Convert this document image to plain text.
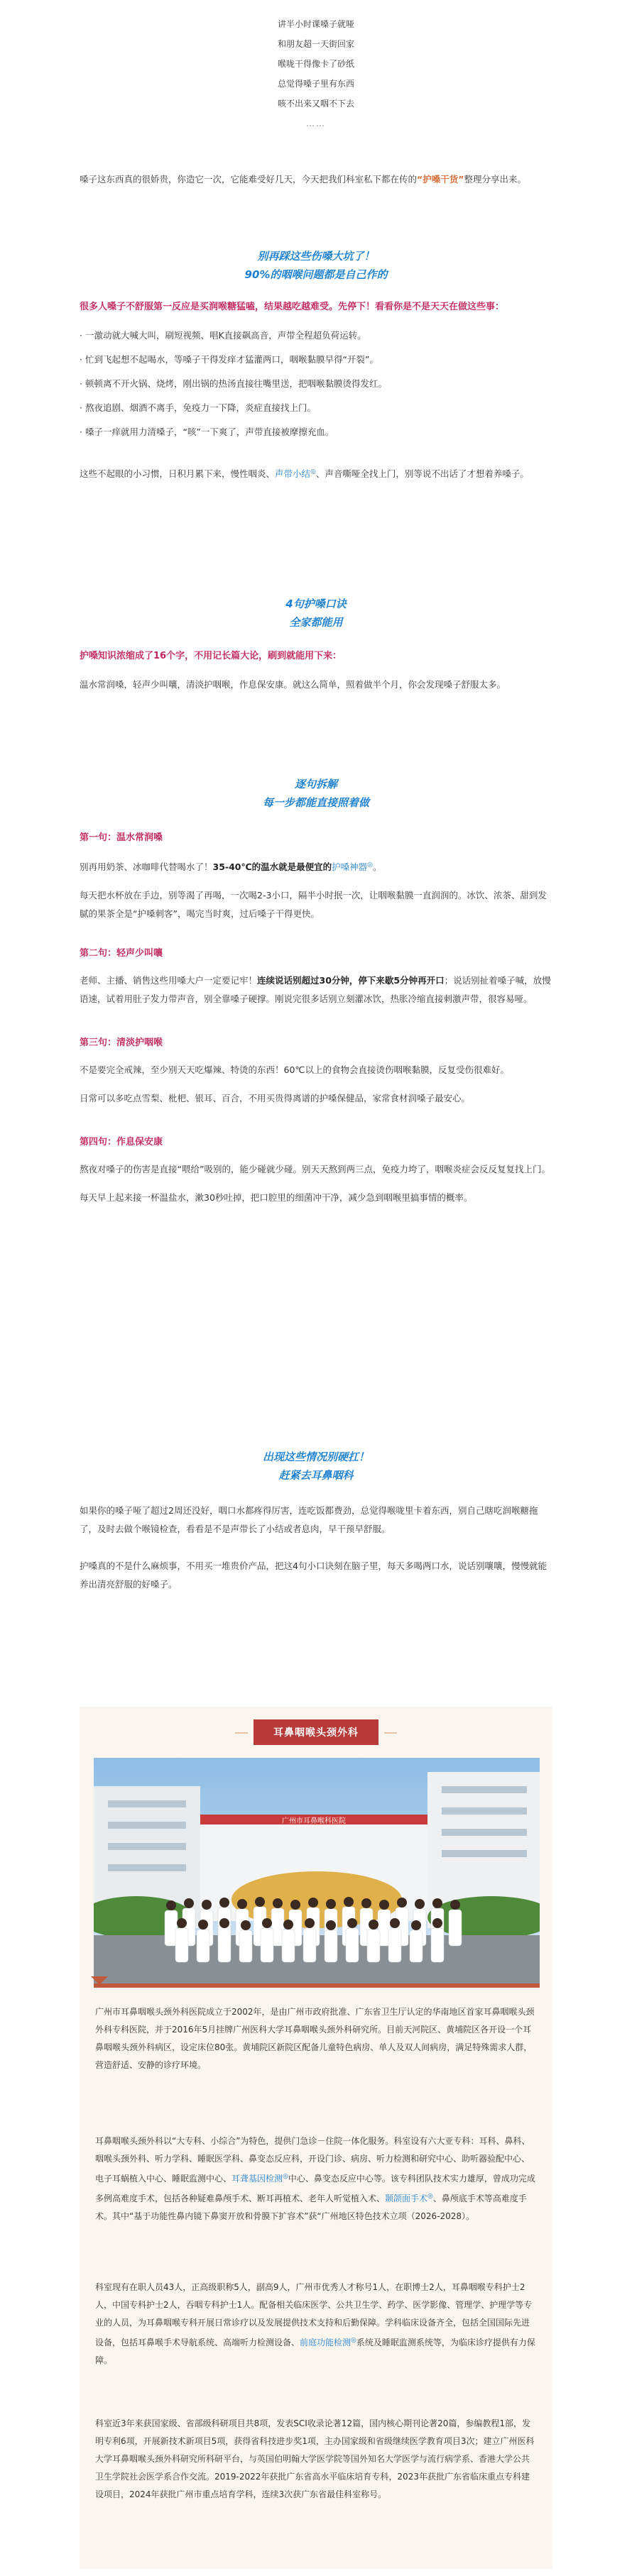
讲半小时课嗓子就哑
和朋友超一天街回家
喉咙干得像卡了砂纸
总觉得嗓子里有东西
咳不出来又咽不下去
……

嗓子这东西真的很娇贵，你造它一次，它能难受好几天，今天把我们科室私下都在传的“护嗓干货”整理分享出来。

别再踩这些伤嗓大坑了！
90%的咽喉问题都是自己作的

很多人嗓子不舒服第一反应是买润喉糖猛嗑，结果越吃越难受。先停下！看看你是不是天天在做这些事：

· 一激动就大喊大叫，刷短视频、唱K直接飙高音，声带全程超负荷运转。

· 忙到飞起想不起喝水，等嗓子干得发痒才猛灌两口，咽喉黏膜早得“开裂”。

· 顿顿离不开火锅、烧烤，刚出锅的热汤直接往嘴里送，把咽喉黏膜烫得发红。

· 熬夜追剧、烟酒不离手，免疫力一下降，炎症直接找上门。

· 嗓子一痒就用力清嗓子，“咳”一下爽了，声带直接被摩擦充血。

这些不起眼的小习惯，日积月累下来，慢性咽炎、声带小结◎、声音嘶哑全找上门，别等说不出话了才想着养嗓子。

4句护嗓口诀
全家都能用

护嗓知识浓缩成了16个字，不用记长篇大论，刷到就能用下来：

温水常润嗓，轻声少叫嚷，清淡护咽喉，作息保安康。就这么简单，照着做半个月，你会发现嗓子舒服太多。

逐句拆解
每一步都能直接照着做

第一句：温水常润嗓

别再用奶茶、冰咖啡代替喝水了！35-40℃的温水就是最便宜的护嗓神器◎。

每天把水杯放在手边，别等渴了再喝，一次喝2-3小口，隔半小时抿一次，让咽喉黏膜一直润润的。冰饮、浓茶、甜到发腻的果茶全是“护嗓刺客”，喝完当时爽，过后嗓子干得更快。

第二句：轻声少叫嚷

老师、主播、销售这些用嗓大户一定要记牢！连续说话别超过30分钟，停下来歇5分钟再开口；说话别扯着嗓子喊，放慢语速，试着用肚子发力带声音，别全靠嗓子硬撑。刚说完很多话别立刻灌冰饮，热胀冷缩直接刺激声带，很容易哑。

第三句：清淡护咽喉

不是要完全戒辣，至少别天天吃爆辣、特烫的东西！60℃以上的食物会直接烫伤咽喉黏膜，反复受伤很难好。

日常可以多吃点雪梨、枇杷、银耳、百合，不用买贵得离谱的护嗓保健品，家常食材润嗓子最安心。

第四句：作息保安康

熬夜对嗓子的伤害是直接“喂给”吸别的，能少碰就少碰。别天天熬到两三点，免疫力垮了，咽喉炎症会反反复复找上门。

每天早上起来接一杯温盐水，漱30秒吐掉，把口腔里的细菌冲干净，减少急到咽喉里搞事情的概率。

出现这些情况别硬扛！
赶紧去耳鼻咽科

如果你的嗓子哑了超过2周还没好，咽口水都疼得厉害，连吃饭都费劲，总觉得喉咙里卡着东西，别自己瞎吃润喉糖拖了，及时去做个喉镜检查，看看是不是声带长了小结或者息肉，早干预早舒服。

护嗓真的不是什么麻烦事，不用买一堆贵价产品，把这4句小口诀刻在脑子里，每天多喝两口水，说话别嚷嚷，慢慢就能养出清亮舒服的好嗓子。

耳鼻咽喉头颈外科
广州市耳鼻喉科医院

广州市耳鼻咽喉头颈外科医院成立于2002年，是由广州市政府批准、广东省卫生厅认定的华南地区首家耳鼻咽喉头颈外科专科医院，并于2016年5月挂牌广州医科大学耳鼻咽喉头颈外科研究所。目前天河院区、黄埔院区各开设一个耳鼻咽喉头颈外科病区，设定床位80张。黄埔院区新院区配备儿童特色病房、单人及双人间病房，满足特殊需求人群，营造舒适、安静的诊疗环境。

耳鼻咽喉头颈外科以“大专科、小综合”为特色，提供门急诊－住院一体化服务。科室设有六大亚专科：耳科、鼻科、咽喉头颈外科、听力学科、睡眠医学科、鼻变态反应科，开设门诊、病房、听力检测和研究中心、助听器验配中心、电子耳蜗植入中心、睡眠监测中心、耳聋基因检测◎中心、鼻变态反应中心等。该专科团队技术实力雄厚，曾成功完成多例高难度手术，包括各种疑难鼻颅手术、断耳再植术、老年人听觉植入术、颞颌面手术◎、鼻颅底手术等高难度手术。其中“基于功能性鼻内镜下鼻窦开放和骨膜下扩容术”获“广州地区特色技术立项（2026-2028）。

科室现有在职人员43人，正高级职称5人，副高9人，广州市优秀人才称号1人，在职博士2人，耳鼻咽喉专科护士2人，中国专科护士2人，吞咽专科护士1人。配备相关临床医学、公共卫生学、药学、医学影像、管理学、护理学等专业的人员，为耳鼻咽喉专科开展日常诊疗以及发展提供技术支持和后勤保障。学科临床设备齐全，包括全国国际先进设备，包括耳鼻喉手术导航系统、高端听力检测设备、前庭功能检测◎系统及睡眠监测系统等，为临床诊疗提供有力保障。

科室近3年来获国家级、省部级科研项目共8项，发表SCI收录论著12篇，国内核心期刊论著20篇，参编教程1部，发明专利6项，开展新技术新项目5项，获得省科技进步奖1项，主办国家级和省级继续医学教育项目3次；建立广州医科大学耳鼻咽喉头颈外科研究所科研平台，与英国伯明翰大学医学院等国外知名大学医学与流行病学系、香港大学公共卫生学院社会医学系合作交流。2019-2022年获批广东省高水平临床培育专科，2023年获批广东省临床重点专科建设项目，2024年获批广州市重点培育学科，连续3次获广东省最佳科室称号。
